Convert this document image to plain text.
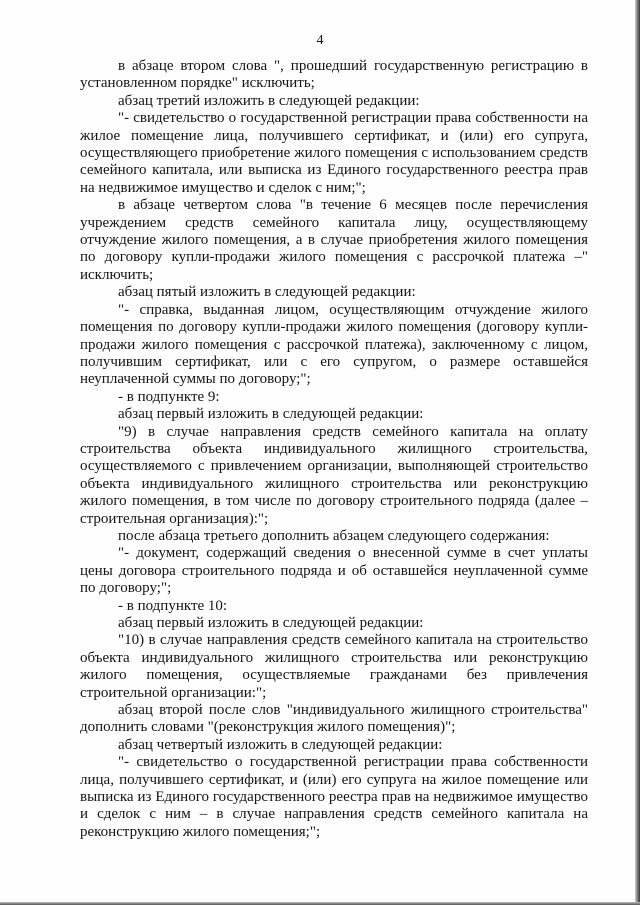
4

в абзаце втором слова ", прошедший государственную регистрацию в установленном порядке" исключить;

абзац третий изложить в следующей редакции:

"- свидетельство о государственной регистрации права собственности на жилое помещение лица, получившего сертификат, и (или) его супруга, осуществляющего приобретение жилого помещения с использованием средств семейного капитала, или выписка из Единого государственного реестра прав на недвижимое имущество и сделок с ним;";

в абзаце четвертом слова "в течение 6 месяцев после перечисления учреждением средств семейного капитала лицу, осуществляющему отчуждение жилого помещения, а в случае приобретения жилого помещения по договору купли-продажи жилого помещения с рассрочкой платежа –" исключить;

абзац пятый изложить в следующей редакции:

"- справка, выданная лицом, осуществляющим отчуждение жилого помещения по договору купли-продажи жилого помещения (договору купли-продажи жилого помещения с рассрочкой платежа), заключенному с лицом, получившим сертификат, или с его супругом, о размере оставшейся неуплаченной суммы по договору;";

- в подпункте 9:

абзац первый изложить в следующей редакции:

"9) в случае направления средств семейного капитала на оплату строительства объекта индивидуального жилищного строительства, осуществляемого с привлечением организации, выполняющей строительство объекта индивидуального жилищного строительства или реконструкцию жилого помещения, в том числе по договору строительного подряда (далее – строительная организация):";

после абзаца третьего дополнить абзацем следующего содержания:

"- документ, содержащий сведения о внесенной сумме в счет уплаты цены договора строительного подряда и об оставшейся неуплаченной сумме по договору;";

- в подпункте 10:

абзац первый изложить в следующей редакции:

"10) в случае направления средств семейного капитала на строительство объекта индивидуального жилищного строительства или реконструкцию жилого помещения, осуществляемые гражданами без привлечения строительной организации:";

абзац второй после слов "индивидуального жилищного строительства" дополнить словами "(реконструкция жилого помещения)";

абзац четвертый изложить в следующей редакции:

"- свидетельство о государственной регистрации права собственности лица, получившего сертификат, и (или) его супруга на жилое помещение или выписка из Единого государственного реестра прав на недвижимое имущество и сделок с ним – в случае направления средств семейного капитала на реконструкцию жилого помещения;";
